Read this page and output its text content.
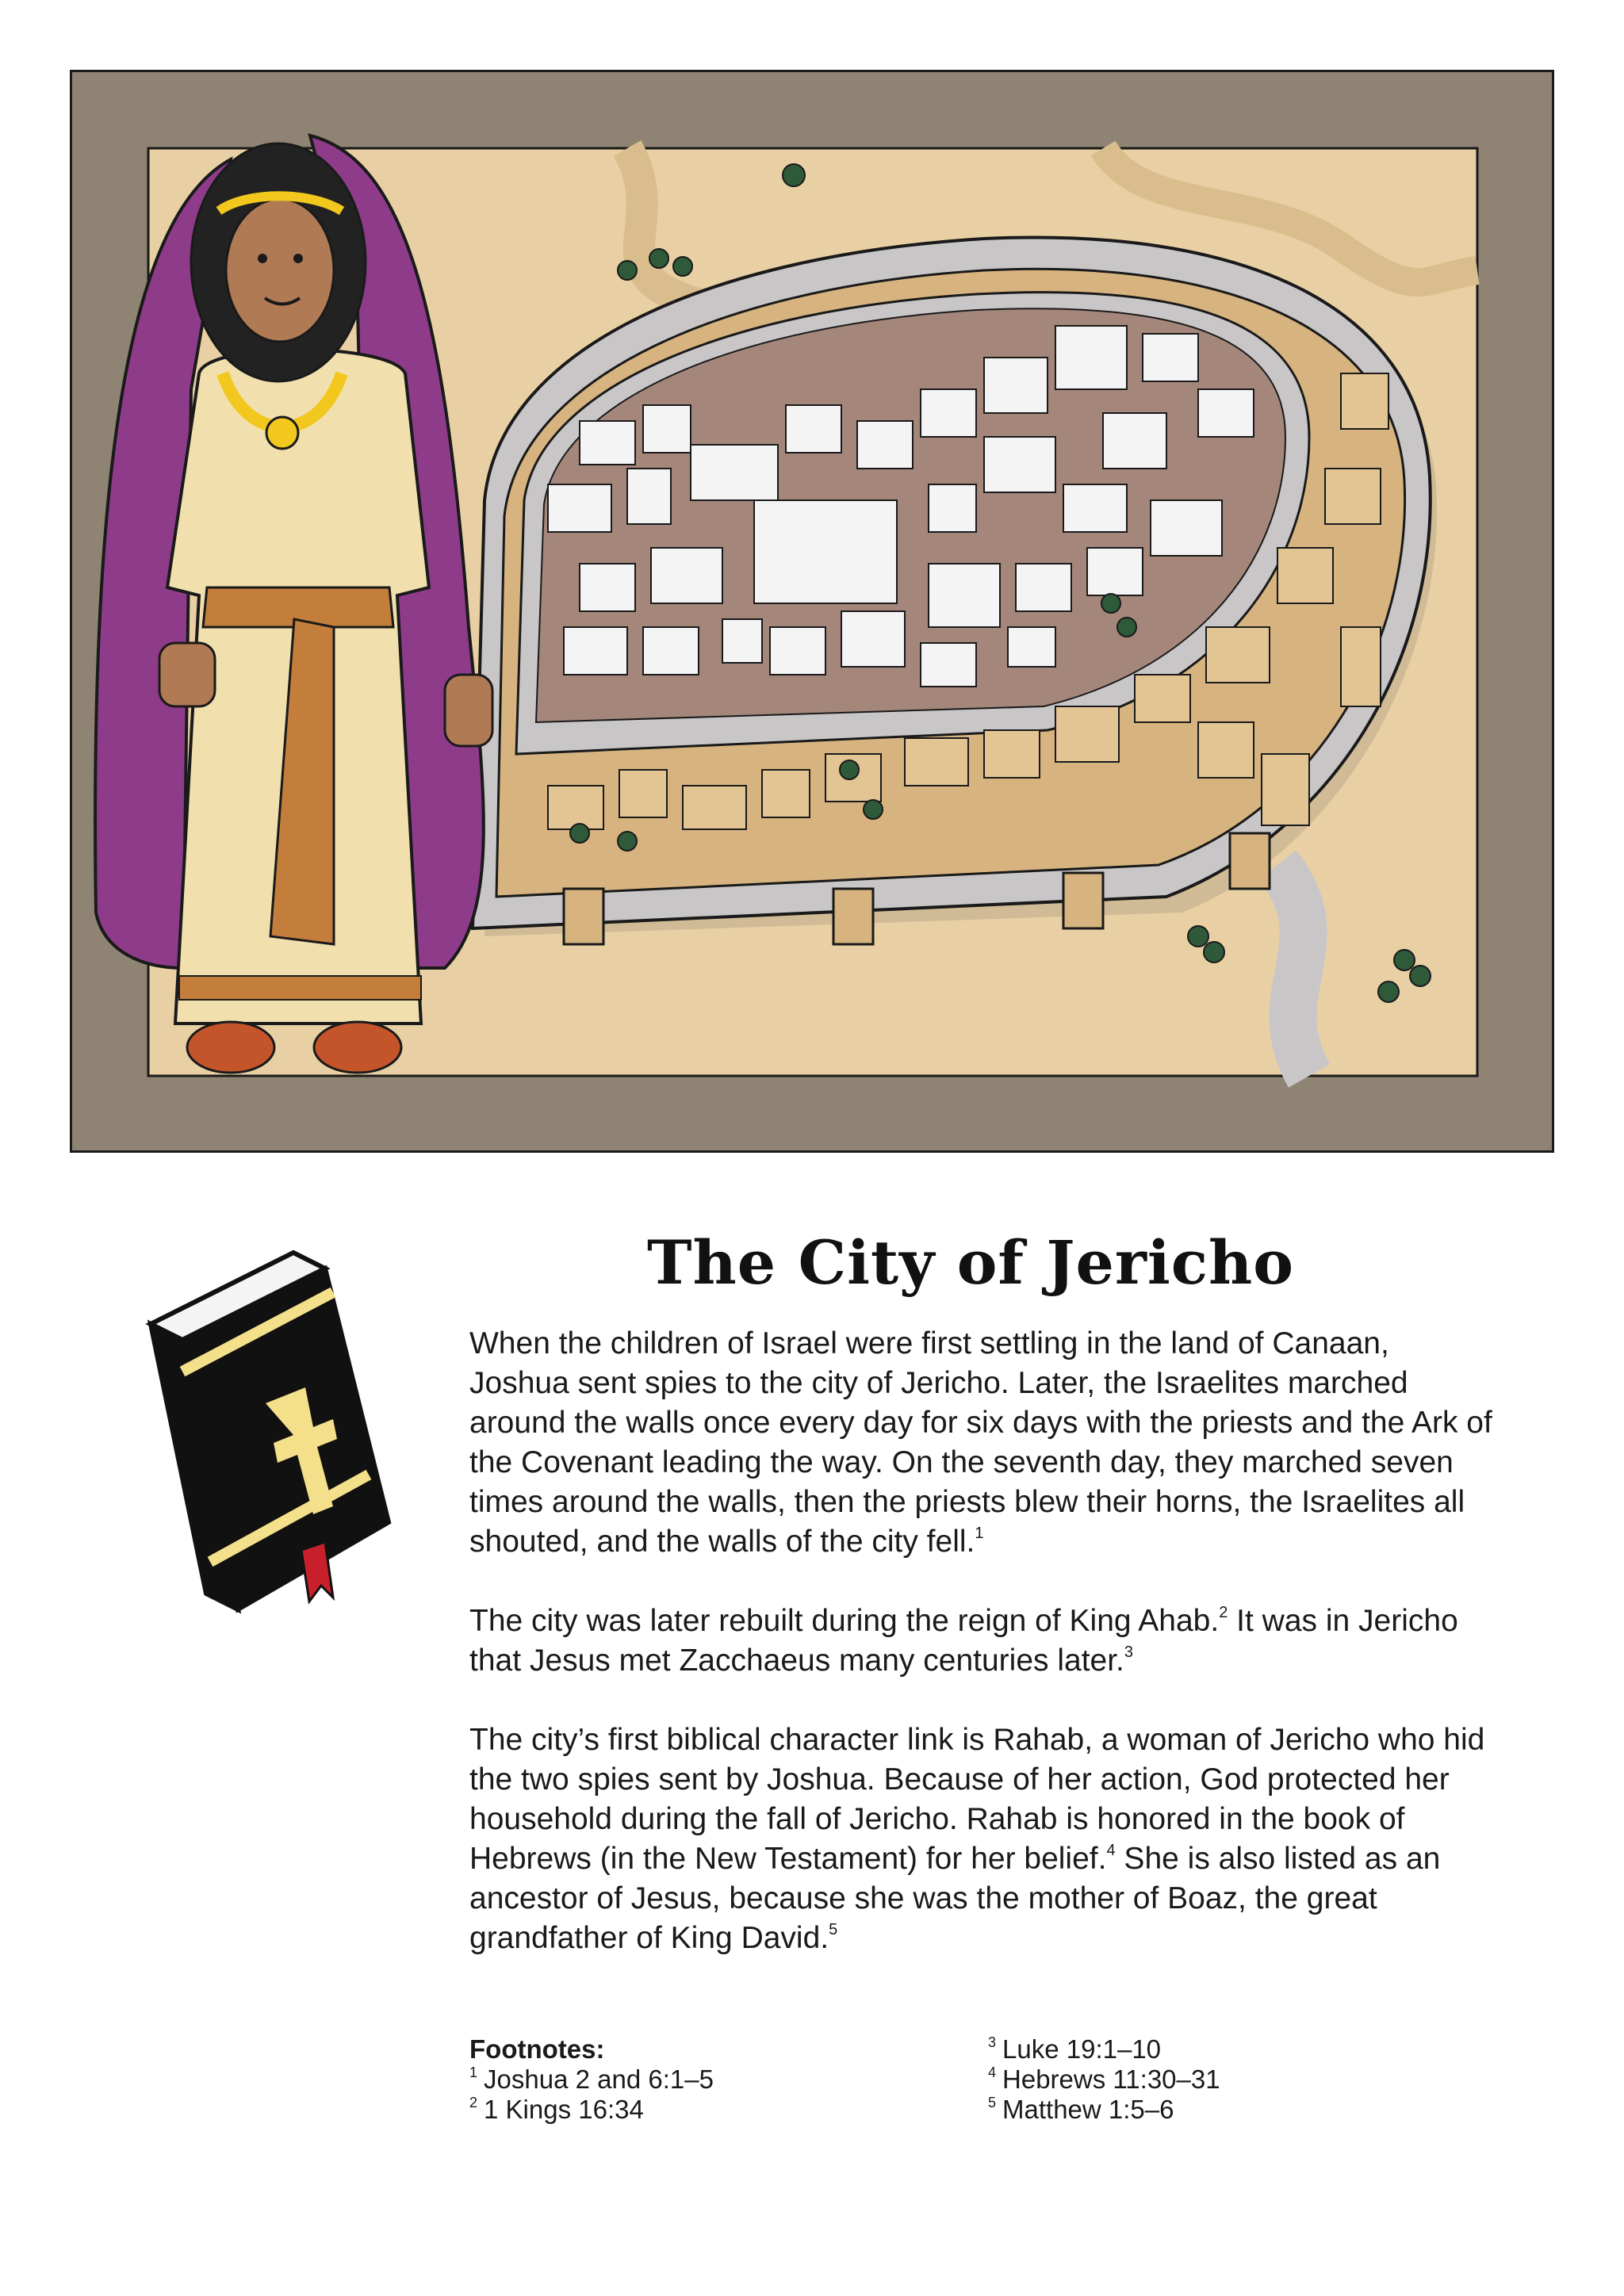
The City of Jericho

When the children of Israel were first settling in the land of Canaan, Joshua sent spies to the city of Jericho. Later, the Israelites marched around the walls once every day for six days with the priests and the Ark of the Covenant leading the way. On the seventh day, they marched seven times around the walls, then the priests blew their horns, the Israelites all shouted, and the walls of the city fell.$^1$

The city was later rebuilt during the reign of King Ahab.$^2$ It was in Jericho that Jesus met Zacchaeus many centuries later.$^3$

The city’s first biblical character link is Rahab, a woman of Jericho who hid the two spies sent by Joshua. Because of her action, God protected her household during the fall of Jericho. Rahab is honored in the book of Hebrews (in the New Testament) for her belief.$^4$ She is also listed as an ancestor of Jesus, because she was the mother of Boaz, the great grandfather of King David.$^5$

Footnotes:
$^1$ Joshua 2 and 6:1–5
$^2$ 1 Kings 16:34
$^3$ Luke 19:1–10
$^4$ Hebrews 11:30–31
$^5$ Matthew 1:5–6
